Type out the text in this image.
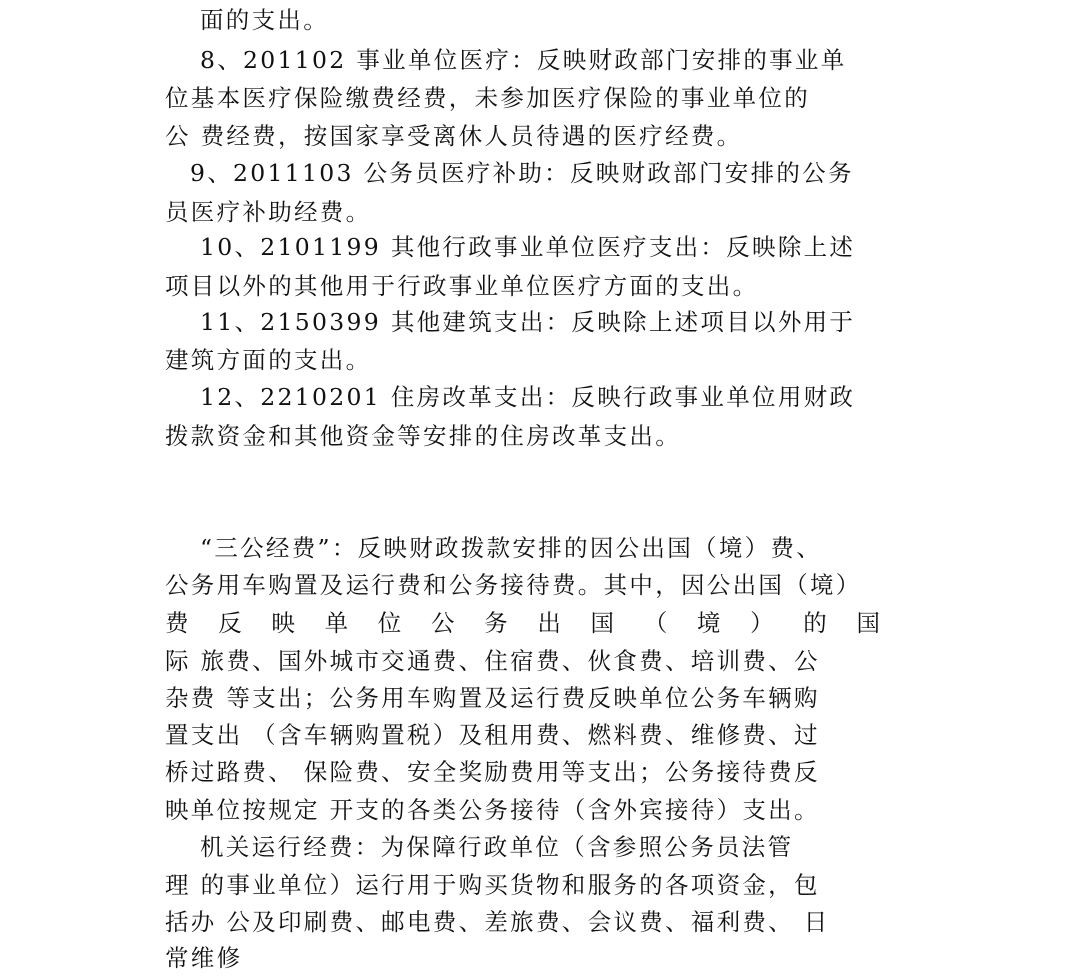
面的支出。
8、201102 事业单位医疗：反映财政部门安排的事业单
位基本医疗保险缴费经费，未参加医疗保险的事业单位的
公 费经费，按国家享受离休人员待遇的医疗经费。
9、2011103 公务员医疗补助：反映财政部门安排的公务
员医疗补助经费。
10、2101199 其他行政事业单位医疗支出：反映除上述
项目以外的其他用于行政事业单位医疗方面的支出。
11、2150399 其他建筑支出：反映除上述项目以外用于
建筑方面的支出。
12、2210201 住房改革支出：反映行政事业单位用财政
拨款资金和其他资金等安排的住房改革支出。
“三公经费”：反映财政拨款安排的因公出国（境）费、
公务用车购置及运行费和公务接待费。其中，因公出国（境）
费 反 映 单 位 公 务 出 国 （ 境 ） 的 国
际 旅费、国外城市交通费、住宿费、伙食费、培训费、公
杂费 等支出；公务用车购置及运行费反映单位公务车辆购
置支出 （含车辆购置税）及租用费、燃料费、维修费、过
桥过路费、 保险费、安全奖励费用等支出；公务接待费反
映单位按规定 开支的各类公务接待（含外宾接待）支出。
机关运行经费：为保障行政单位（含参照公务员法管
理 的事业单位）运行用于购买货物和服务的各项资金，包
括办 公及印刷费、邮电费、差旅费、会议费、福利费、 日
常维修
